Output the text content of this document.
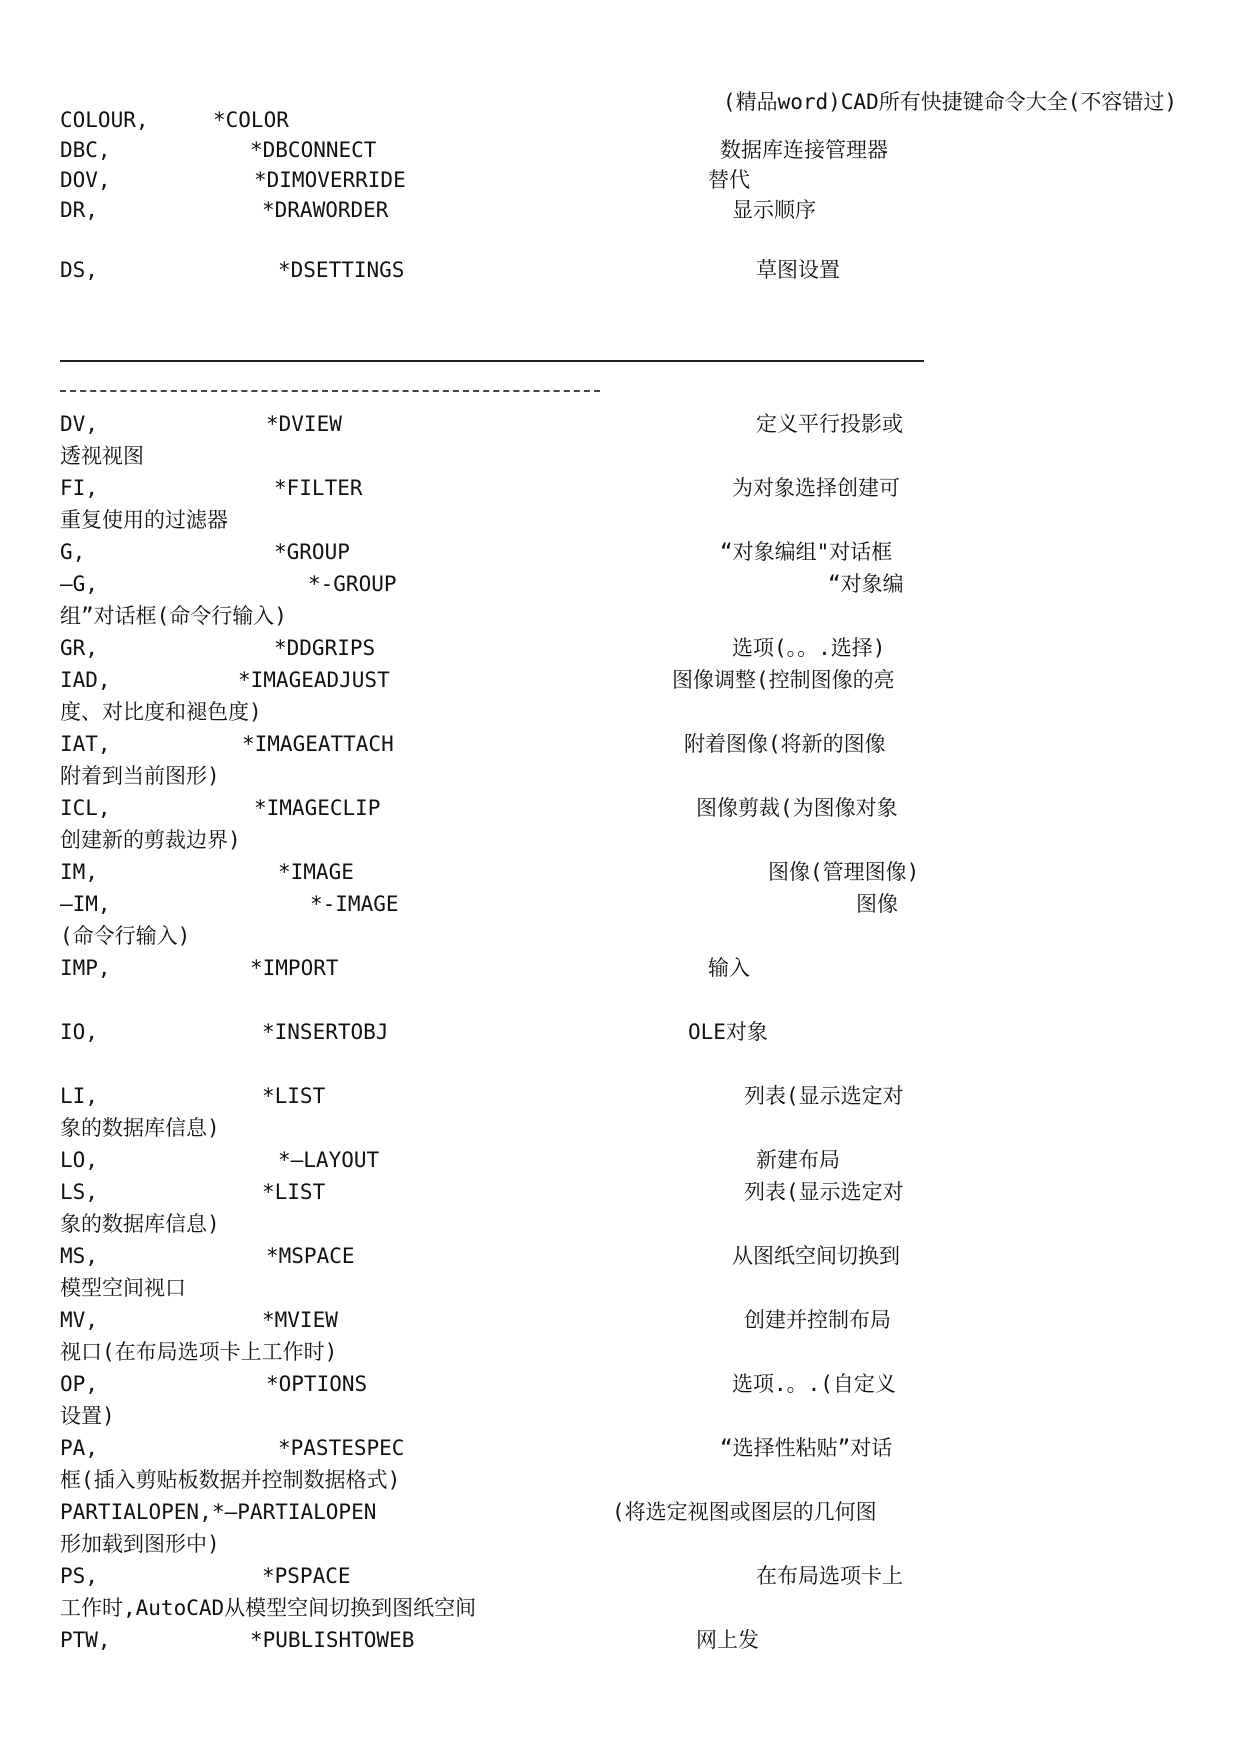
(精品word)CAD所有快捷键命令大全(不容错过)
COLOUR,	*COLOR
DBC,	*DBCONNECT	数据库连接管理器
DOV,	*DIMOVERRIDE	替代
DR,	*DRAWORDER	显示顺序
DS,	*DSETTINGS	草图设置
DV,	*DVIEW	定义平行投影或
透视视图
FI,	*FILTER	为对象选择创建可
重复使用的过滤器
G,	*GROUP	“对象编组"对话框
—G,	*-GROUP	“对象编
组”对话框(命令行输入)
GR,	*DDGRIPS	选项(。。.选择)
IAD,	*IMAGEADJUST	图像调整(控制图像的亮
度、对比度和褪色度)
IAT,	*IMAGEATTACH	附着图像(将新的图像
附着到当前图形)
ICL,	*IMAGECLIP	图像剪裁(为图像对象
创建新的剪裁边界)
IM,	*IMAGE	图像(管理图像)
—IM,	*-IMAGE	图像
(命令行输入)
IMP,	*IMPORT	输入
IO,	*INSERTOBJ	OLE对象
LI,	*LIST	列表(显示选定对
象的数据库信息)
LO,	*—LAYOUT	新建布局
LS,	*LIST	列表(显示选定对
象的数据库信息)
MS,	*MSPACE	从图纸空间切换到
模型空间视口
MV,	*MVIEW	创建并控制布局
视口(在布局选项卡上工作时)
OP,	*OPTIONS	选项.。.(自定义
设置)
PA,	*PASTESPEC	“选择性粘贴”对话
框(插入剪贴板数据并控制数据格式)
PARTIALOPEN, *—PARTIALOPEN	(将选定视图或图层的几何图
形加载到图形中)
PS,	*PSPACE	在布局选项卡上
工作时,AutoCAD从模型空间切换到图纸空间
PTW,	*PUBLISHTOWEB	网上发
